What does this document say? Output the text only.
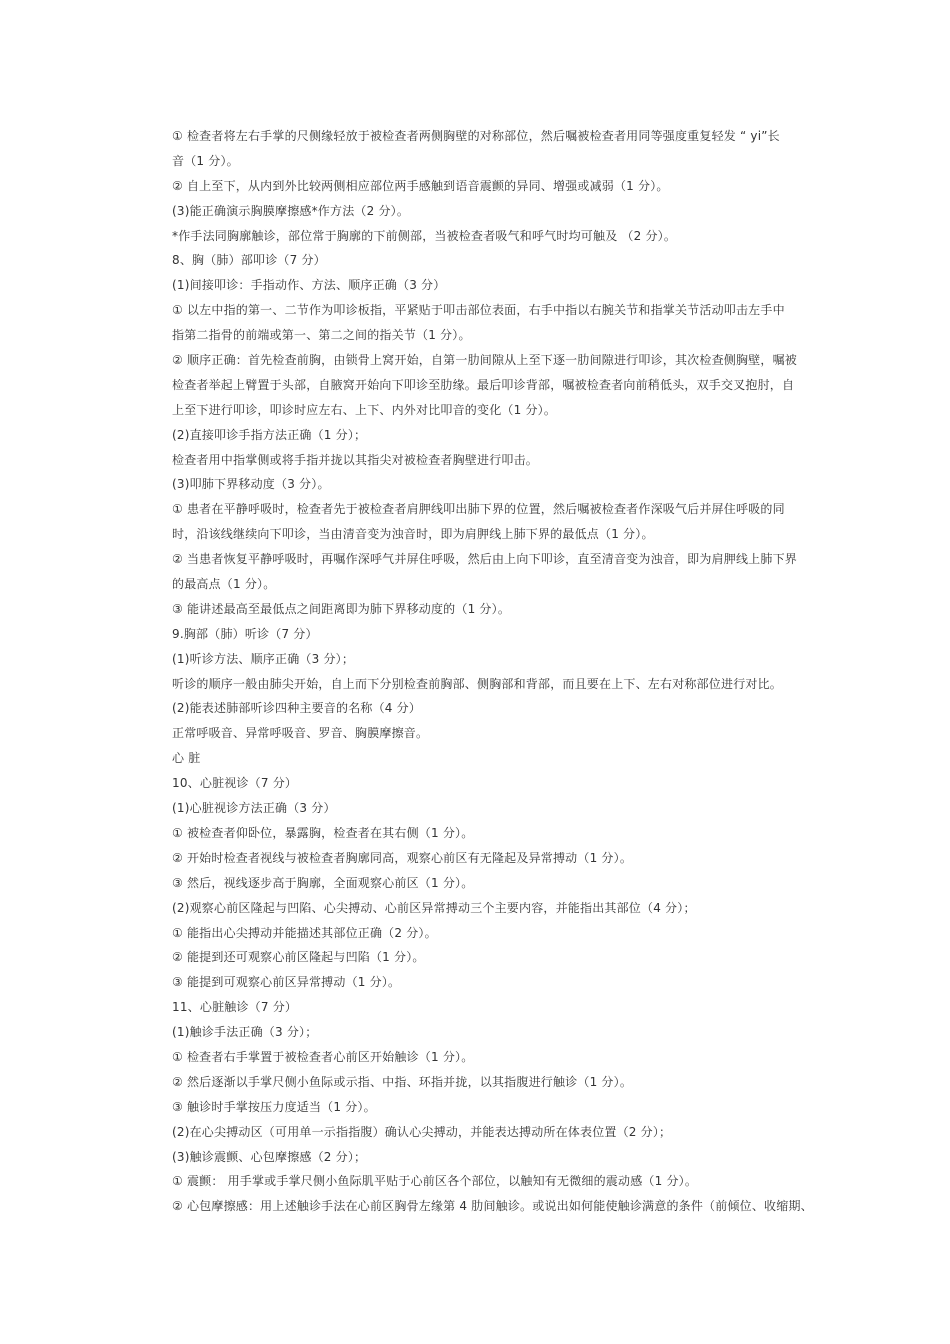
① 检查者将左右手掌的尺侧缘轻放于被检查者两侧胸壁的对称部位，然后嘱被检查者用同等强度重复轻发 “ yi”长
音（1 分）。
② 自上至下，从内到外比较两侧相应部位两手感触到语音震颤的异同、增强或减弱（1 分）。
(3)能正确演示胸膜摩擦感*作方法（2 分）。
*作手法同胸廓触诊，部位常于胸廓的下前侧部，当被检查者吸气和呼气时均可触及 （2 分）。
8、胸（肺）部叩诊（7 分）
(1)间接叩诊：手指动作、方法、顺序正确（3 分）
① 以左中指的第一、二节作为叩诊板指，平紧贴于叩击部位表面，右手中指以右腕关节和指掌关节活动叩击左手中
指第二指骨的前端或第一、第二之间的指关节（1 分）。
② 顺序正确：首先检查前胸，由锁骨上窝开始，自第一肋间隙从上至下逐一肋间隙进行叩诊，其次检查侧胸壁，嘱被
检查者举起上臂置于头部，自腋窝开始向下叩诊至肋缘。最后叩诊背部，嘱被检查者向前稍低头，双手交叉抱肘，自
上至下进行叩诊，叩诊时应左右、上下、内外对比叩音的变化（1 分）。
(2)直接叩诊手指方法正确（1 分）；
检查者用中指掌侧或将手指并拢以其指尖对被检查者胸壁进行叩击。
(3)叩肺下界移动度（3 分）。
① 患者在平静呼吸时，检查者先于被检查者肩胛线叩出肺下界的位置，然后嘱被检查者作深吸气后并屏住呼吸的同
时，沿该线继续向下叩诊，当由清音变为浊音时，即为肩胛线上肺下界的最低点（1 分）。
② 当患者恢复平静呼吸时，再嘱作深呼气并屏住呼吸，然后由上向下叩诊，直至清音变为浊音，即为肩胛线上肺下界
的最高点（1 分）。
③ 能讲述最高至最低点之间距离即为肺下界移动度的（1 分）。
9.胸部（肺）听诊（7 分）
(1)听诊方法、顺序正确（3 分）；
听诊的顺序一般由肺尖开始，自上而下分别检查前胸部、侧胸部和背部，而且要在上下、左右对称部位进行对比。
(2)能表述肺部听诊四种主要音的名称（4 分）
正常呼吸音、异常呼吸音、罗音、胸膜摩擦音。
心 脏
10、心脏视诊（7 分）
(1)心脏视诊方法正确（3 分）
① 被检查者仰卧位，暴露胸，检查者在其右侧（1 分）。
② 开始时检查者视线与被检查者胸廓同高，观察心前区有无隆起及异常搏动（1 分）。
③ 然后，视线逐步高于胸廓，全面观察心前区（1 分）。
(2)观察心前区隆起与凹陷、心尖搏动、心前区异常搏动三个主要内容，并能指出其部位（4 分）；
① 能指出心尖搏动并能描述其部位正确（2 分）。
② 能提到还可观察心前区隆起与凹陷（1 分）。
③ 能提到可观察心前区异常搏动（1 分）。
11、心脏触诊（7 分）
(1)触诊手法正确（3 分）；
① 检查者右手掌置于被检查者心前区开始触诊（1 分）。
② 然后逐渐以手掌尺侧小鱼际或示指、中指、环指并拢，以其指腹进行触诊（1 分）。
③ 触诊时手掌按压力度适当（1 分）。
(2)在心尖搏动区（可用单一示指指腹）确认心尖搏动，并能表达搏动所在体表位置（2 分）；
(3)触诊震颤、心包摩擦感（2 分）；
① 震颤： 用手掌或手掌尺侧小鱼际肌平贴于心前区各个部位，以触知有无微细的震动感（1 分）。
② 心包摩擦感：用上述触诊手法在心前区胸骨左缘第 4 肋间触诊。或说出如何能使触诊满意的条件（前倾位、收缩期、
